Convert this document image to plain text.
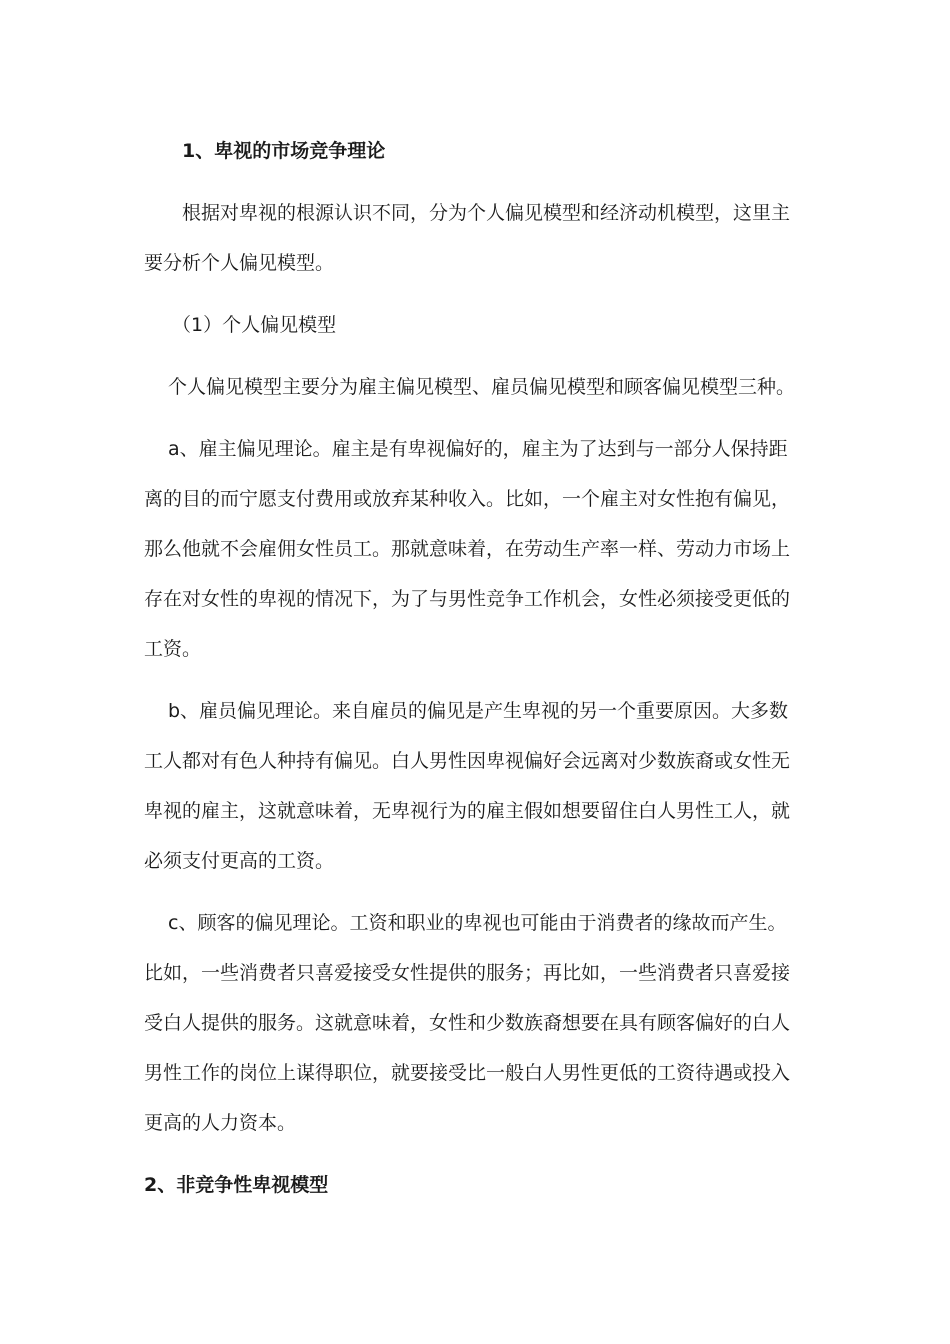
1、卑视的市场竞争理论
根据对卑视的根源认识不同，分为个人偏见模型和经济动机模型，这里主
要分析个人偏见模型。
（1）个人偏见模型
个人偏见模型主要分为雇主偏见模型、雇员偏见模型和顾客偏见模型三种。
a、雇主偏见理论。雇主是有卑视偏好的，雇主为了达到与一部分人保持距
离的目的而宁愿支付费用或放弃某种收入。比如，一个雇主对女性抱有偏见，
那么他就不会雇佣女性员工。那就意味着，在劳动生产率一样、劳动力市场上
存在对女性的卑视的情况下，为了与男性竞争工作机会，女性必须接受更低的
工资。
b、雇员偏见理论。来自雇员的偏见是产生卑视的另一个重要原因。大多数
工人都对有色人种持有偏见。白人男性因卑视偏好会远离对少数族裔或女性无
卑视的雇主，这就意味着，无卑视行为的雇主假如想要留住白人男性工人，就
必须支付更高的工资。
c、顾客的偏见理论。工资和职业的卑视也可能由于消费者的缘故而产生。
比如，一些消费者只喜爱接受女性提供的服务；再比如，一些消费者只喜爱接
受白人提供的服务。这就意味着，女性和少数族裔想要在具有顾客偏好的白人
男性工作的岗位上谋得职位，就要接受比一般白人男性更低的工资待遇或投入
更高的人力资本。
2、非竞争性卑视模型
